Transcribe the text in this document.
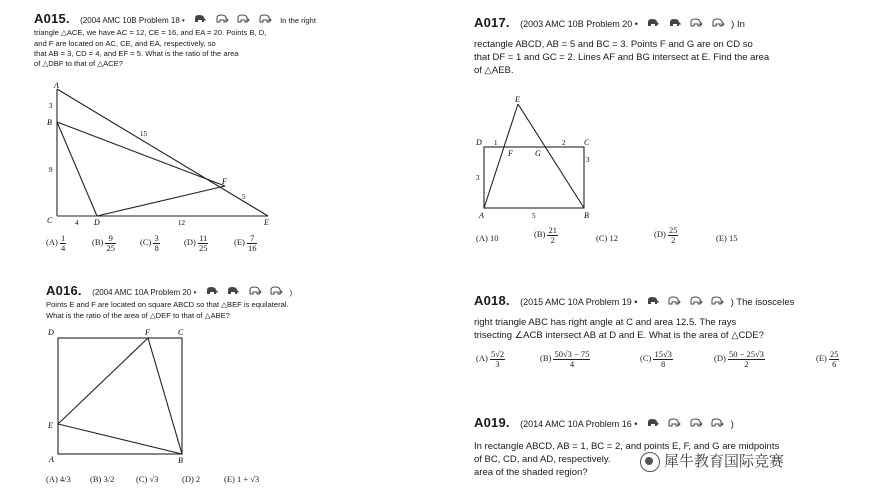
A015. (2004 AMC 10B Problem 18 •	In the right
triangle △ACE, we have AC = 12, CE = 16, and EA = 20. Points B, D,
and F are located on AC, CE, and EA, respectively, so
that AB = 3, CD = 4, and EF = 5. What is the ratio of the area
of △DBF to that of △ACE?
A
B
C	D	E
F
3
9
15
4	12
5
$(A) \frac{1}{4}$	$(B) \frac{9}{25}$	$(C) \frac{3}{8}$	$(D) \frac{11}{25}$	$(E) \frac{7}{16}$
A016. (2004 AMC 10A Problem 20 •	)
Points E and F are located on square ABCD so that △BEF is equilateral.
What is the ratio of the area of △DEF to that of △ABE?
D	F	C
E
A	B
(A) 4/3 (B) 3/2	(C) √3	(D) 2	(E) 1 + √3
A017. (2003 AMC 10B Problem 20 •	) In
rectangle ABCD, AB = 5 and BC = 3. Points F and G are on CD so
that DF = 1 and GC = 2. Lines AF and BG intersect at E. Find the area
of △AEB.
E
D	C
F	G
A	B
1	2
3
3
5
(A) 10	$(B) \frac{21}{2}$	(C) 12	$(D) \frac{25}{2}$	(E) 15
A018. (2015 AMC 10A Problem 19 •	) The isosceles
right triangle ABC has right angle at C and area 12.5. The rays
trisecting ∠ACB intersect AB at D and E. What is the area of △CDE?
$(A) \frac{5√2}{3}$	$(B) \frac{50√3 - 75}{4}$	$(C) \frac{15√3}{8}$	$(D) \frac{50 - 25√3}{2}$	$(E) \frac{25}{6}$
A019. (2014 AMC 10A Problem 16 •	)
In rectangle ABCD, AB = 1, BC = 2, and points E, F, and G are midpoints
of BC, CD, and AD, respectively.
area of the shaded region?
犀牛教育国际竞赛
